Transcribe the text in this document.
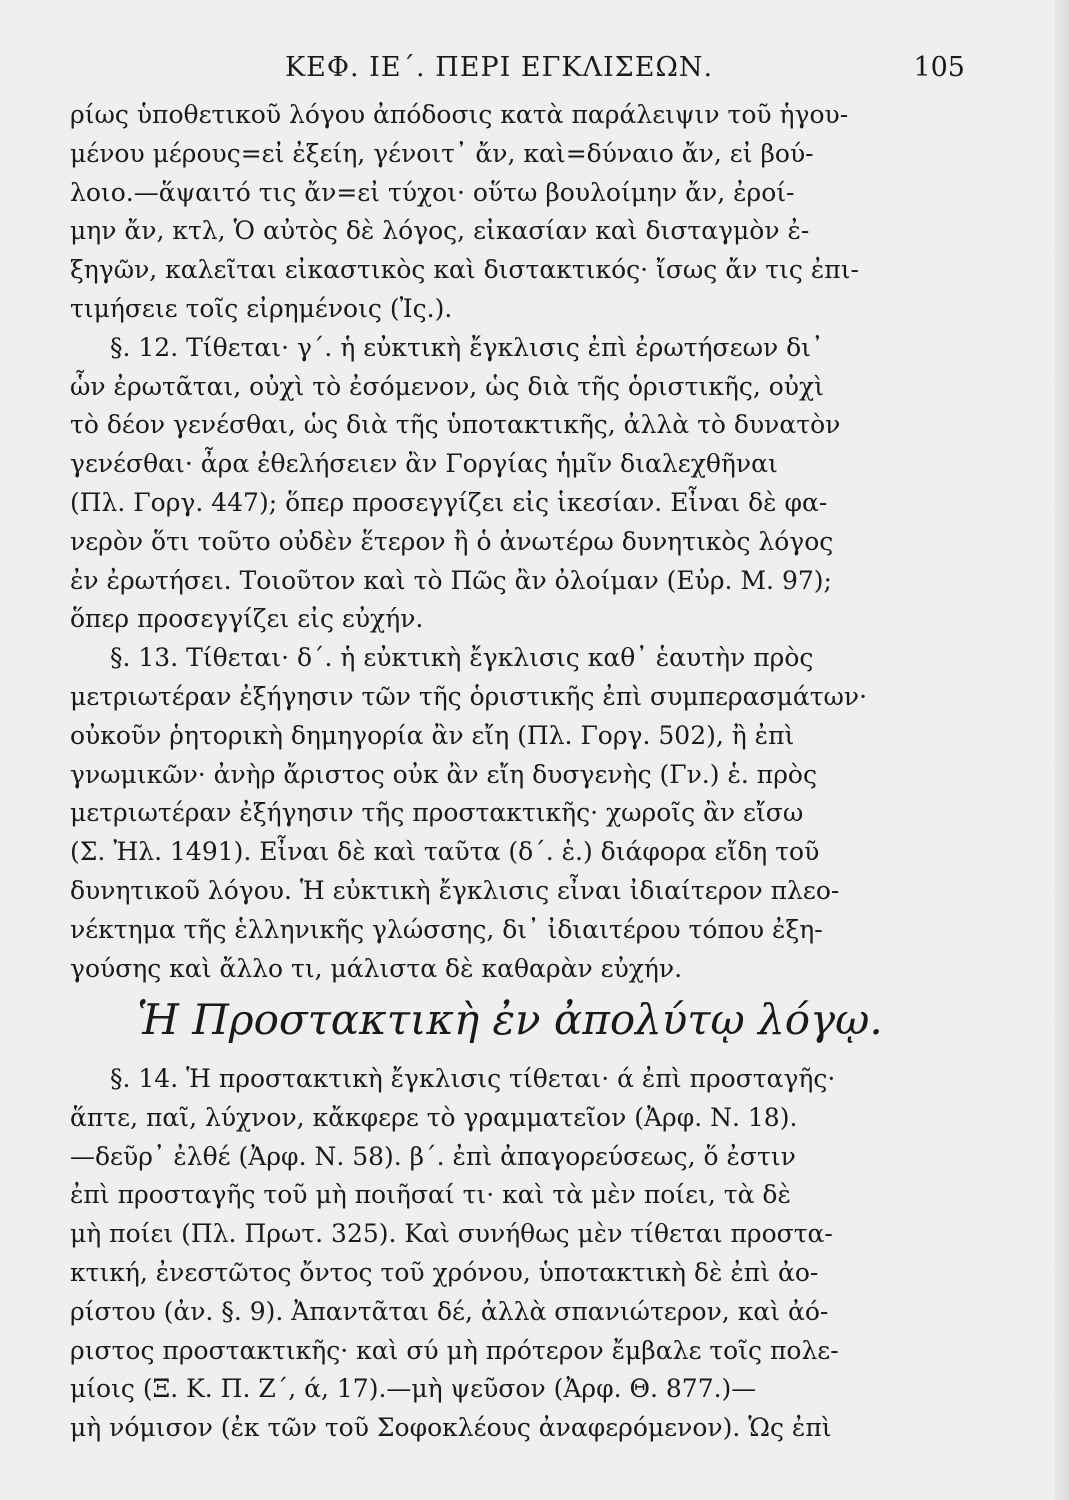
ΚΕΦ. ΙΕ΄. ΠΕΡΙ ΕΓΚΛΙΣΕΩΝ.	105
ρίως ὑποθετικοῦ λόγου ἀπόδοσις κατὰ παράλειψιν τοῦ ἡγου-
μένου μέρους=εἰ ἐξείη, γένοιτ᾽ ἄν, καὶ=δύναιο ἄν, εἰ βού-
λοιο.—ἅψαιτό τις ἄν=εἰ τύχοι· οὕτω βουλοίμην ἄν, ἐροί-
μην ἄν, κτλ, Ὁ αὐτὸς δὲ λόγος, εἰκασίαν καὶ δισταγμὸν ἐ-
ξηγῶν, καλεῖται εἰκαστικὸς καὶ διστακτικός· ἴσως ἄν τις ἐπι-
τιμήσειε τοῖς εἰρημένοις (Ἰς.).
§. 12. Τίθεται· γ΄. ἡ εὐκτικὴ ἔγκλισις ἐπὶ ἐρωτήσεων δι᾽
ὧν ἐρωτᾶται, οὐχὶ τὸ ἐσόμενον, ὡς διὰ τῆς ὁριστικῆς, οὐχὶ
τὸ δέον γενέσθαι, ὡς διὰ τῆς ὑποτακτικῆς, ἀλλὰ τὸ δυνατὸν
γενέσθαι· ἆρα ἐθελήσειεν ἂν Γοργίας ἡμῖν διαλεχθῆναι
(Πλ. Γοργ. 447); ὅπερ προσεγγίζει εἰς ἱκεσίαν. Εἶναι δὲ φα-
νερὸν ὅτι τοῦτο οὐδὲν ἕτερον ἢ ὁ ἀνωτέρω δυνητικὸς λόγος
ἐν ἐρωτήσει. Τοιοῦτον καὶ τὸ Πῶς ἂν ὀλοίμαν (Εὐρ. Μ. 97);
ὅπερ προσεγγίζει εἰς εὐχήν.
§. 13. Τίθεται· δ΄. ἡ εὐκτικὴ ἔγκλισις καθ᾽ ἑαυτὴν πρὸς
μετριωτέραν ἐξήγησιν τῶν τῆς ὁριστικῆς ἐπὶ συμπερασμάτων·
οὐκοῦν ῥητορικὴ δημηγορία ἂν εἴη (Πλ. Γοργ. 502), ἢ ἐπὶ
γνωμικῶν· ἀνὴρ ἄριστος οὐκ ἂν εἴη δυσγενὴς (Γν.) ἑ. πρὸς
μετριωτέραν ἐξήγησιν τῆς προστακτικῆς· χωροῖς ἂν εἴσω
(Σ. Ἠλ. 1491). Εἶναι δὲ καὶ ταῦτα (δ΄. ἑ.) διάφορα εἴδη τοῦ
δυνητικοῦ λόγου. Ἡ εὐκτικὴ ἔγκλισις εἶναι ἰδιαίτερον πλεο-
νέκτημα τῆς ἑλληνικῆς γλώσσης, δι᾽ ἰδιαιτέρου τόπου ἐξη-
γούσης καὶ ἄλλο τι, μάλιστα δὲ καθαρὰν εὐχήν.
Ἡ Προστακτικὴ ἐν ἀπολύτῳ λόγῳ.
§. 14. Ἡ προστακτικὴ ἔγκλισις τίθεται· ά ἐπὶ προσταγῆς·
ἅπτε, παῖ, λύχνον, κἄκφερε τὸ γραμματεῖον (Ἀρφ. Ν. 18).
—δεῦρ᾽ ἐλθέ (Ἀρφ. Ν. 58). β΄. ἐπὶ ἀπαγορεύσεως, ὅ ἐστιν
ἐπὶ προσταγῆς τοῦ μὴ ποιῆσαί τι· καὶ τὰ μὲν ποίει, τὰ δὲ
μὴ ποίει (Πλ. Πρωτ. 325). Καὶ συνήθως μὲν τίθεται προστα-
κτική, ἐνεστῶτος ὄντος τοῦ χρόνου, ὑποτακτικὴ δὲ ἐπὶ ἀο-
ρίστου (ἀν. §. 9). Ἀπαντᾶται δέ, ἀλλὰ σπανιώτερον, καὶ ἀό-
ριστος προστακτικῆς· καὶ σύ μὴ πρότερον ἔμβαλε τοῖς πολε-
μίοις (Ξ. Κ. Π. Ζ΄, ά, 17).—μὴ ψεῦσον (Ἀρφ. Θ. 877.)—
μὴ νόμισον (ἐκ τῶν τοῦ Σοφοκλέους ἀναφερόμενον). Ὡς ἐπὶ
